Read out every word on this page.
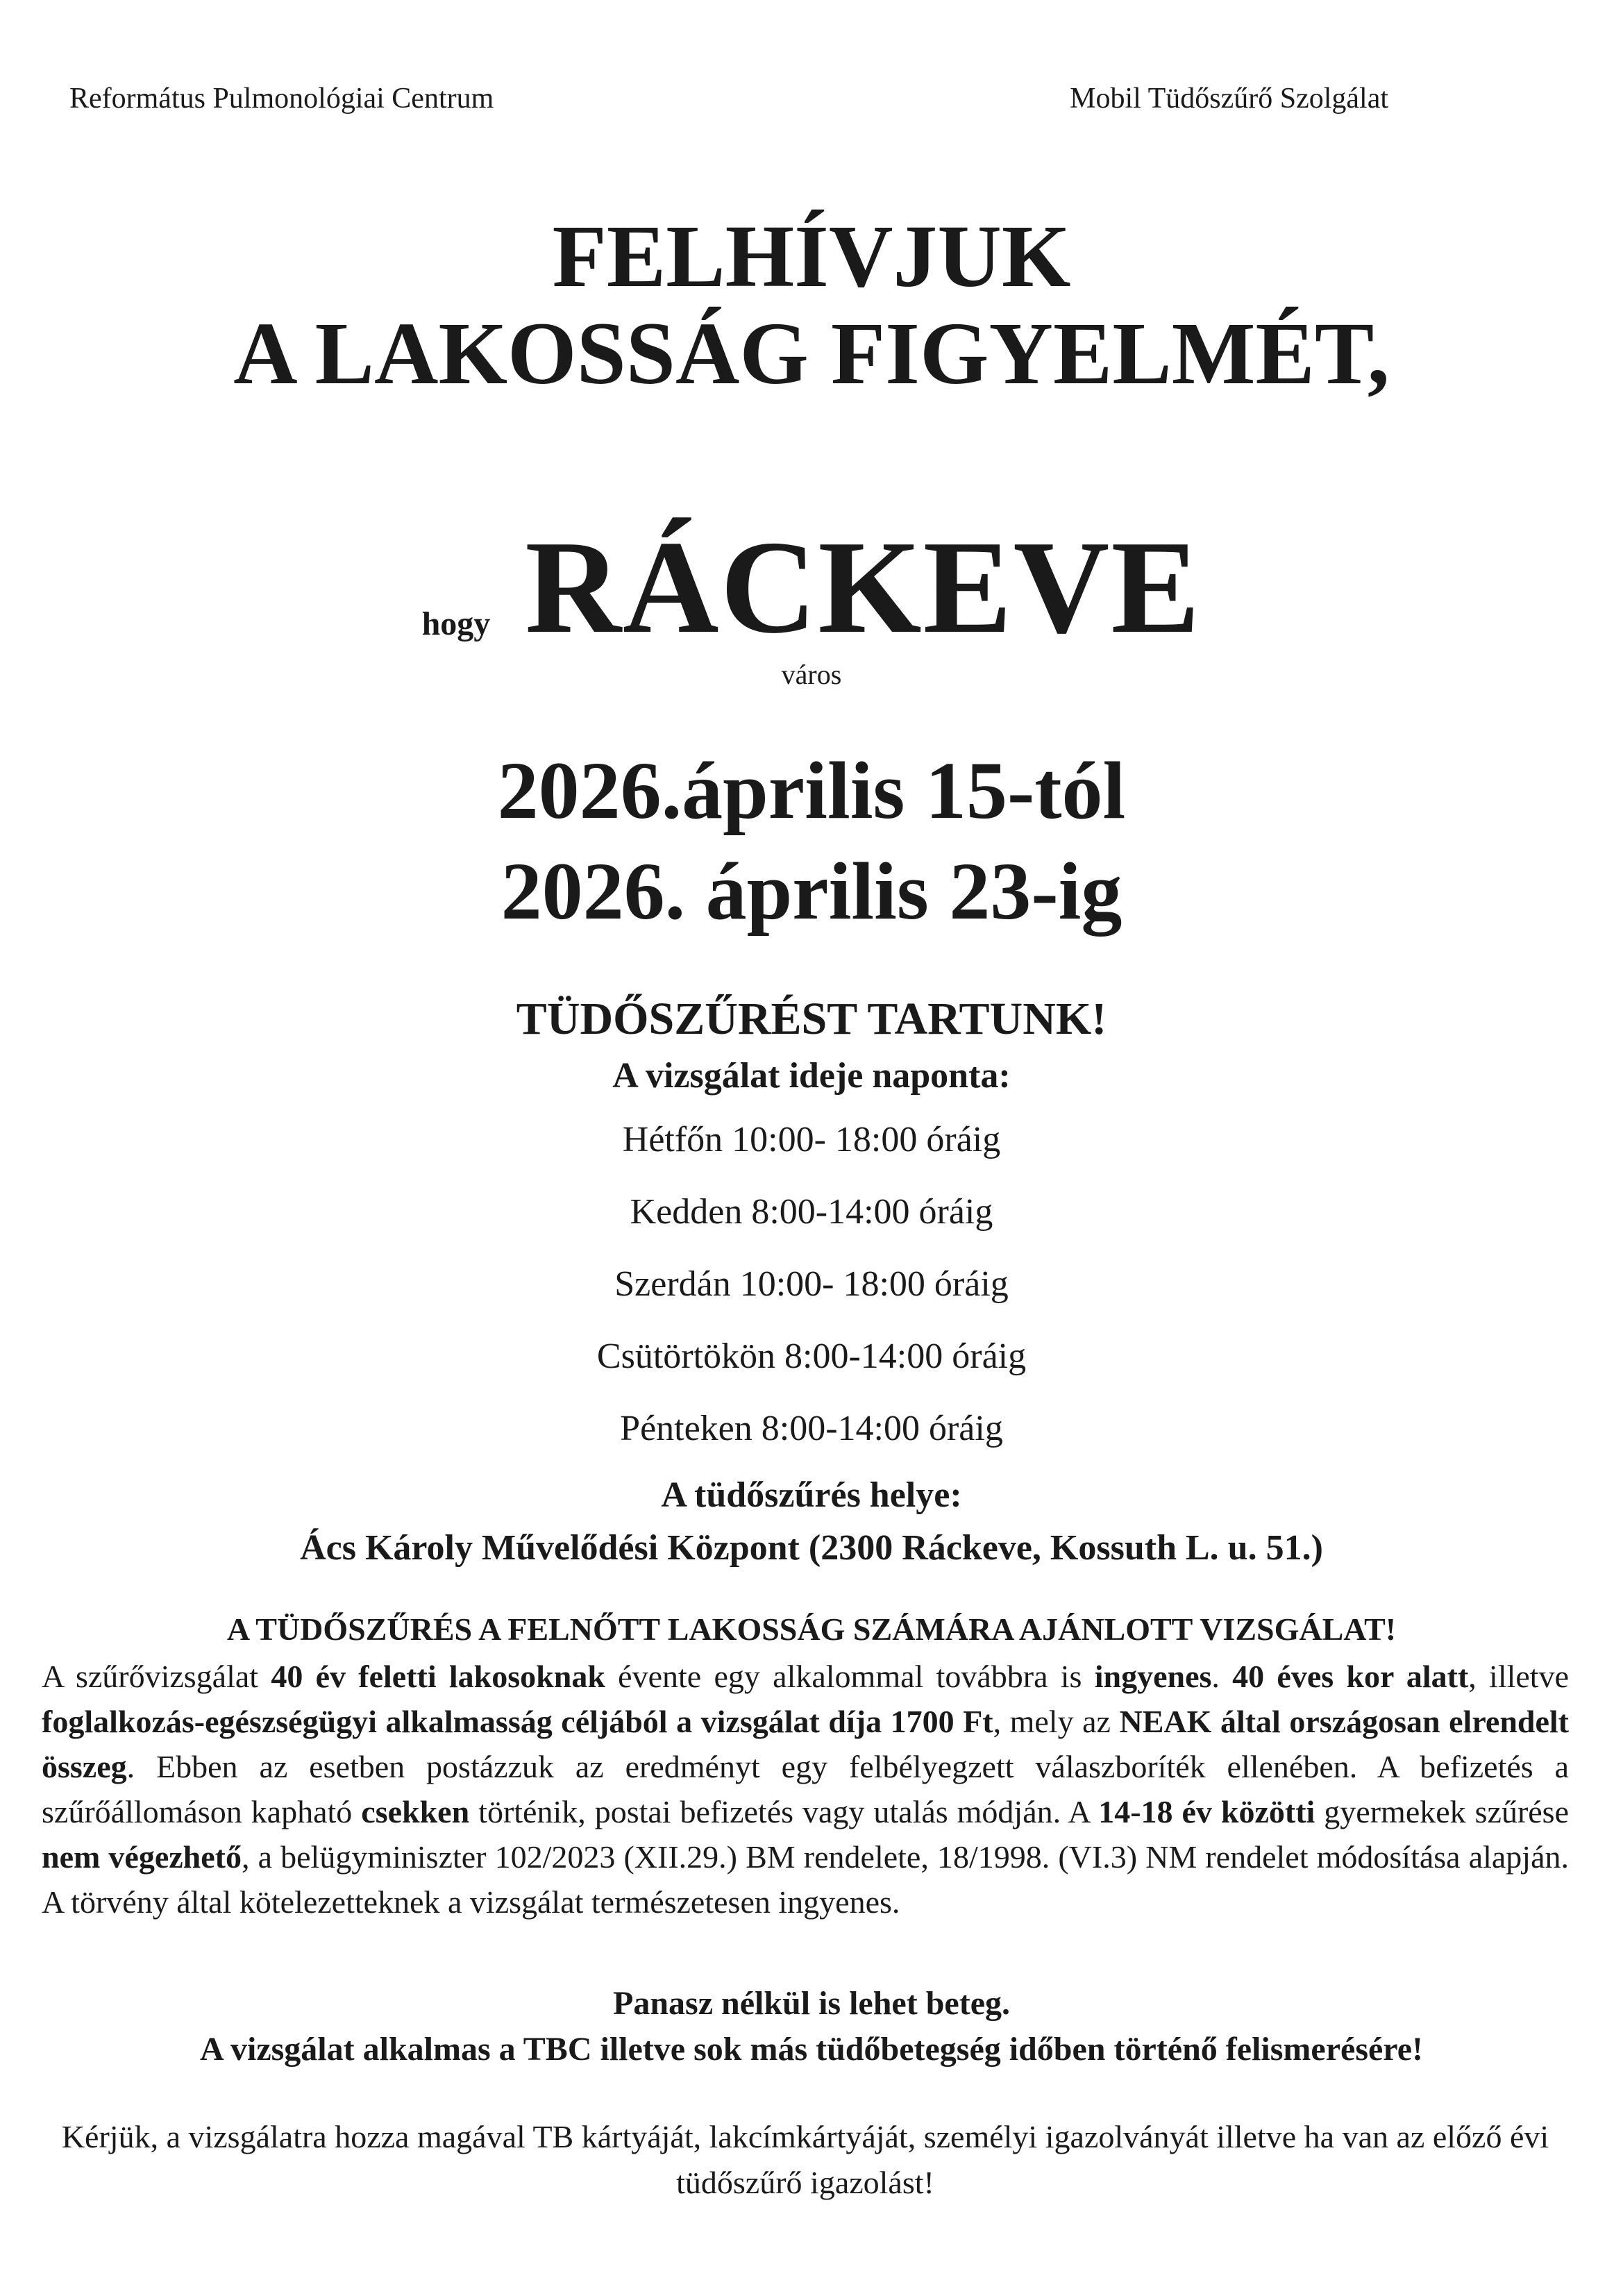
Református Pulmonológiai Centrum	Mobil Tüdőszűrő Szolgálat
FELHÍVJUK
A LAKOSSÁG FIGYELMÉT,
hogy RÁCKEVE
város
2026.április 15-tól
2026. április 23-ig
TÜDŐSZŰRÉST TARTUNK!
A vizsgálat ideje naponta:
Hétfőn 10:00- 18:00 óráig
Kedden 8:00-14:00 óráig
Szerdán 10:00- 18:00 óráig
Csütörtökön 8:00-14:00 óráig
Pénteken 8:00-14:00 óráig
A tüdőszűrés helye:
Ács Károly Művelődési Központ (2300 Ráckeve, Kossuth L. u. 51.)
A TÜDŐSZŰRÉS A FELNŐTT LAKOSSÁG SZÁMÁRA AJÁNLOTT VIZSGÁLAT!
A szűrővizsgálat 40 év feletti lakosoknak évente egy alkalommal továbbra is ingyenes. 40 éves kor alatt, illetve foglalkozás-egészségügyi alkalmasság céljából a vizsgálat díja 1700 Ft, mely az NEAK által országosan elrendelt összeg. Ebben az esetben postázzuk az eredményt egy felbélyegzett válaszboríték ellenében. A befizetés a szűrőállomáson kapható csekken történik, postai befizetés vagy utalás módján. A 14-18 év közötti gyermekek szűrése nem végezhető, a belügyminiszter 102/2023 (XII.29.) BM rendelete, 18/1998. (VI.3) NM rendelet módosítása alapján. A törvény által kötelezetteknek a vizsgálat természetesen ingyenes.
Panasz nélkül is lehet beteg.
A vizsgálat alkalmas a TBC illetve sok más tüdőbetegség időben történő felismerésére!
Kérjük, a vizsgálatra hozza magával TB kártyáját, lakcímkártyáját, személyi igazolványát illetve ha van az előző évi tüdőszűrő igazolást!
